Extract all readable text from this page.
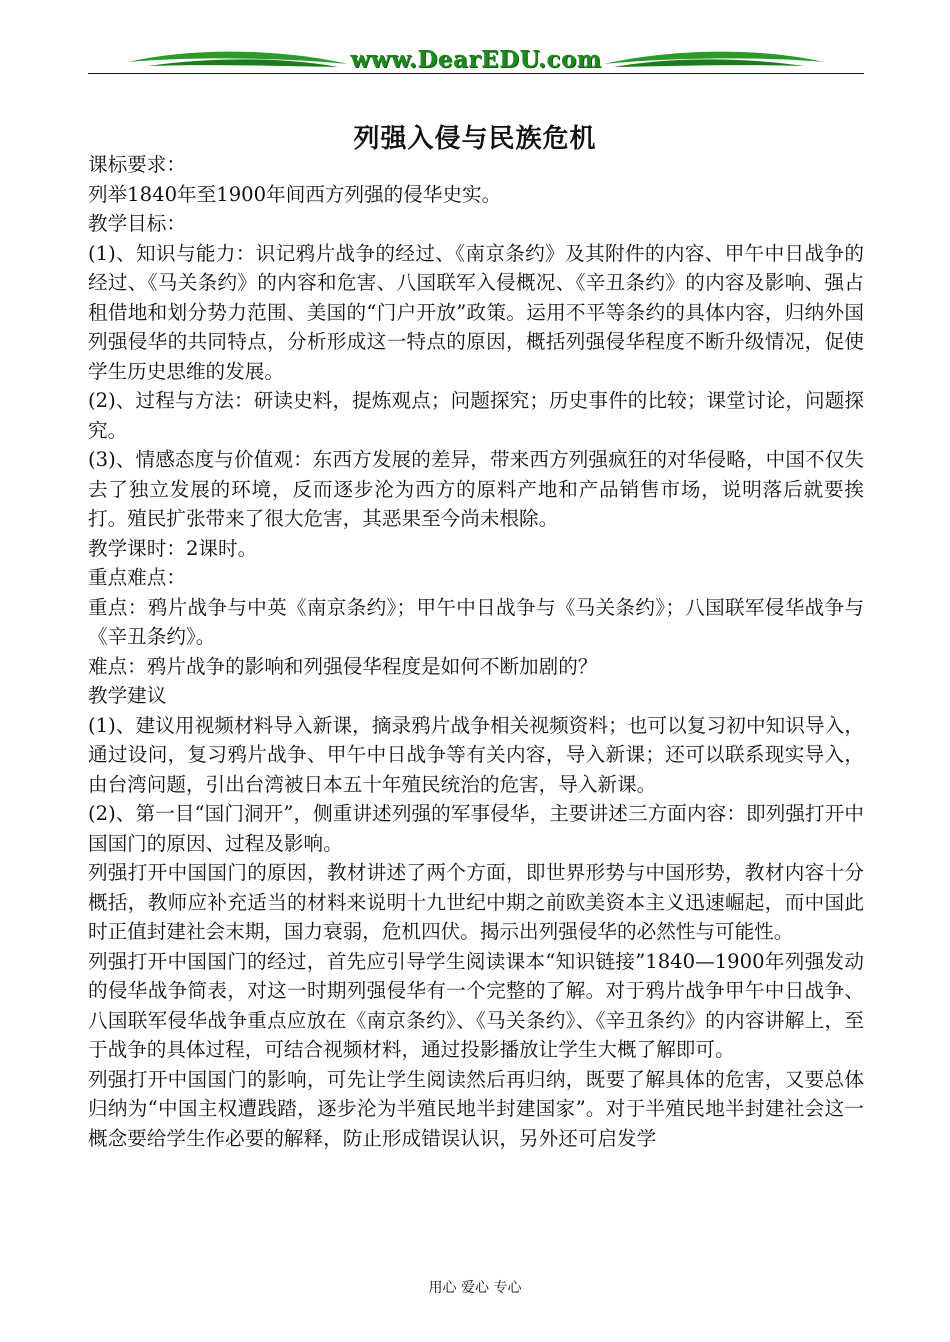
www.DearEDU.com
列强入侵与民族危机

课标要求：

列举1840年至1900年间西方列强的侵华史实。

教学目标：

(1)、知识与能力：识记鸦片战争的经过、《南京条约》及其附件的内容、甲午中日战争的经过、《马关条约》的内容和危害、八国联军入侵概况、《辛丑条约》的内容及影响、强占租借地和划分势力范围、美国的“门户开放”政策。运用不平等条约的具体内容，归纳外国列强侵华的共同特点，分析形成这一特点的原因，概括列强侵华程度不断升级情况，促使学生历史思维的发展。

(2)、过程与方法：研读史料，提炼观点；问题探究；历史事件的比较；课堂讨论，问题探究。

(3)、情感态度与价值观：东西方发展的差异，带来西方列强疯狂的对华侵略，中国不仅失去了独立发展的环境，反而逐步沦为西方的原料产地和产品销售市场，说明落后就要挨打。殖民扩张带来了很大危害，其恶果至今尚未根除。

教学课时：2课时。

重点难点：

重点：鸦片战争与中英《南京条约》；甲午中日战争与《马关条约》；八国联军侵华战争与《辛丑条约》。

难点：鸦片战争的影响和列强侵华程度是如何不断加剧的？

教学建议

(1)、建议用视频材料导入新课，摘录鸦片战争相关视频资料；也可以复习初中知识导入，通过设问，复习鸦片战争、甲午中日战争等有关内容，导入新课；还可以联系现实导入，由台湾问题，引出台湾被日本五十年殖民统治的危害，导入新课。

(2)、第一目“国门洞开”，侧重讲述列强的军事侵华，主要讲述三方面内容：即列强打开中国国门的原因、过程及影响。

列强打开中国国门的原因，教材讲述了两个方面，即世界形势与中国形势，教材内容十分概括，教师应补充适当的材料来说明十九世纪中期之前欧美资本主义迅速崛起，而中国此时正值封建社会末期，国力衰弱，危机四伏。揭示出列强侵华的必然性与可能性。

列强打开中国国门的经过，首先应引导学生阅读课本“知识链接”1840—1900年列强发动的侵华战争简表，对这一时期列强侵华有一个完整的了解。对于鸦片战争甲午中日战争、八国联军侵华战争重点应放在《南京条约》、《马关条约》、《辛丑条约》的内容讲解上，至于战争的具体过程，可结合视频材料，通过投影播放让学生大概了解即可。

列强打开中国国门的影响，可先让学生阅读然后再归纳，既要了解具体的危害，又要总体归纳为“中国主权遭践踏，逐步沦为半殖民地半封建国家”。对于半殖民地半封建社会这一概念要给学生作必要的解释，防止形成错误认识，另外还可启发学

用心 爱心 专心
